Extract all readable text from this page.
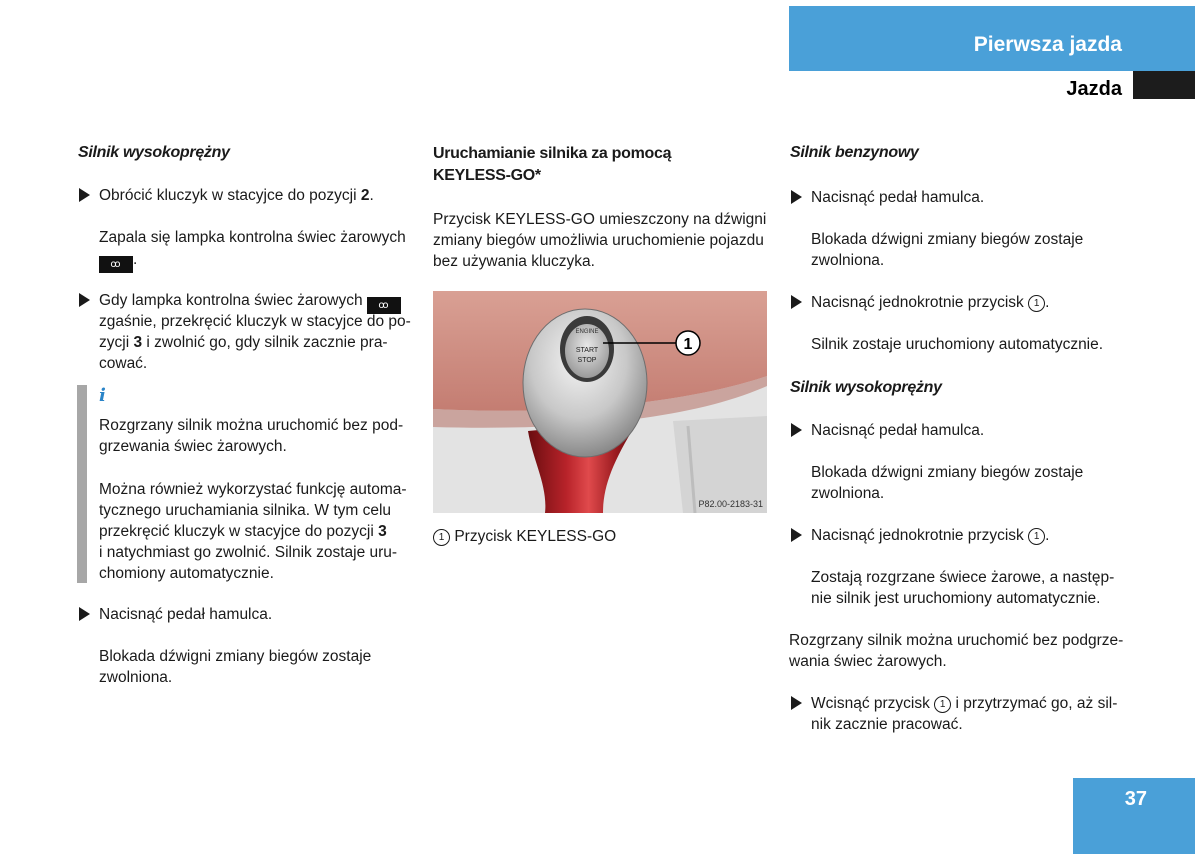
Pierwsza jazda
Jazda
Silnik wysokoprężny

Obrócić kluczyk w stacyjce do pozycji 2.

Zapala się lampka kontrolna świec żarowych

ꝏ .

Gdy lampka kontrolna świec żarowych ꝏ

zgaśnie, przekręcić kluczyk w stacyjce do po-

zycji 3 i zwolnić go, gdy silnik zacznie pra-

cować.

i

Rozgrzany silnik można uruchomić bez pod-

grzewania świec żarowych.

Można również wykorzystać funkcję automa-

tycznego uruchamiania silnika. W tym celu

przekręcić kluczyk w stacyjce do pozycji 3

i natychmiast go zwolnić. Silnik zostaje uru-

chomiony automatycznie.

Nacisnąć pedał hamulca.

Blokada dźwigni zmiany biegów zostaje

zwolniona.

Uruchamianie silnika za pomocą
KEYLESS-GO*

Przycisk KEYLESS-GO umieszczony na dźwigni

zmiany biegów umożliwia uruchomienie pojazdu

bez używania kluczyka.

ENGINE
START
STOP
1
P82.00-2183-31

1 Przycisk KEYLESS-GO

Silnik benzynowy

Nacisnąć pedał hamulca.

Blokada dźwigni zmiany biegów zostaje

zwolniona.

Nacisnąć jednokrotnie przycisk 1 .

Silnik zostaje uruchomiony automatycznie.

Silnik wysokoprężny

Nacisnąć pedał hamulca.

Blokada dźwigni zmiany biegów zostaje

zwolniona.

Nacisnąć jednokrotnie przycisk 1 .

Zostają rozgrzane świece żarowe, a następ-

nie silnik jest uruchomiony automatycznie.

Rozgrzany silnik można uruchomić bez podgrze-

wania świec żarowych.

Wcisnąć przycisk 1 i przytrzymać go, aż sil-

nik zacznie pracować.

37
